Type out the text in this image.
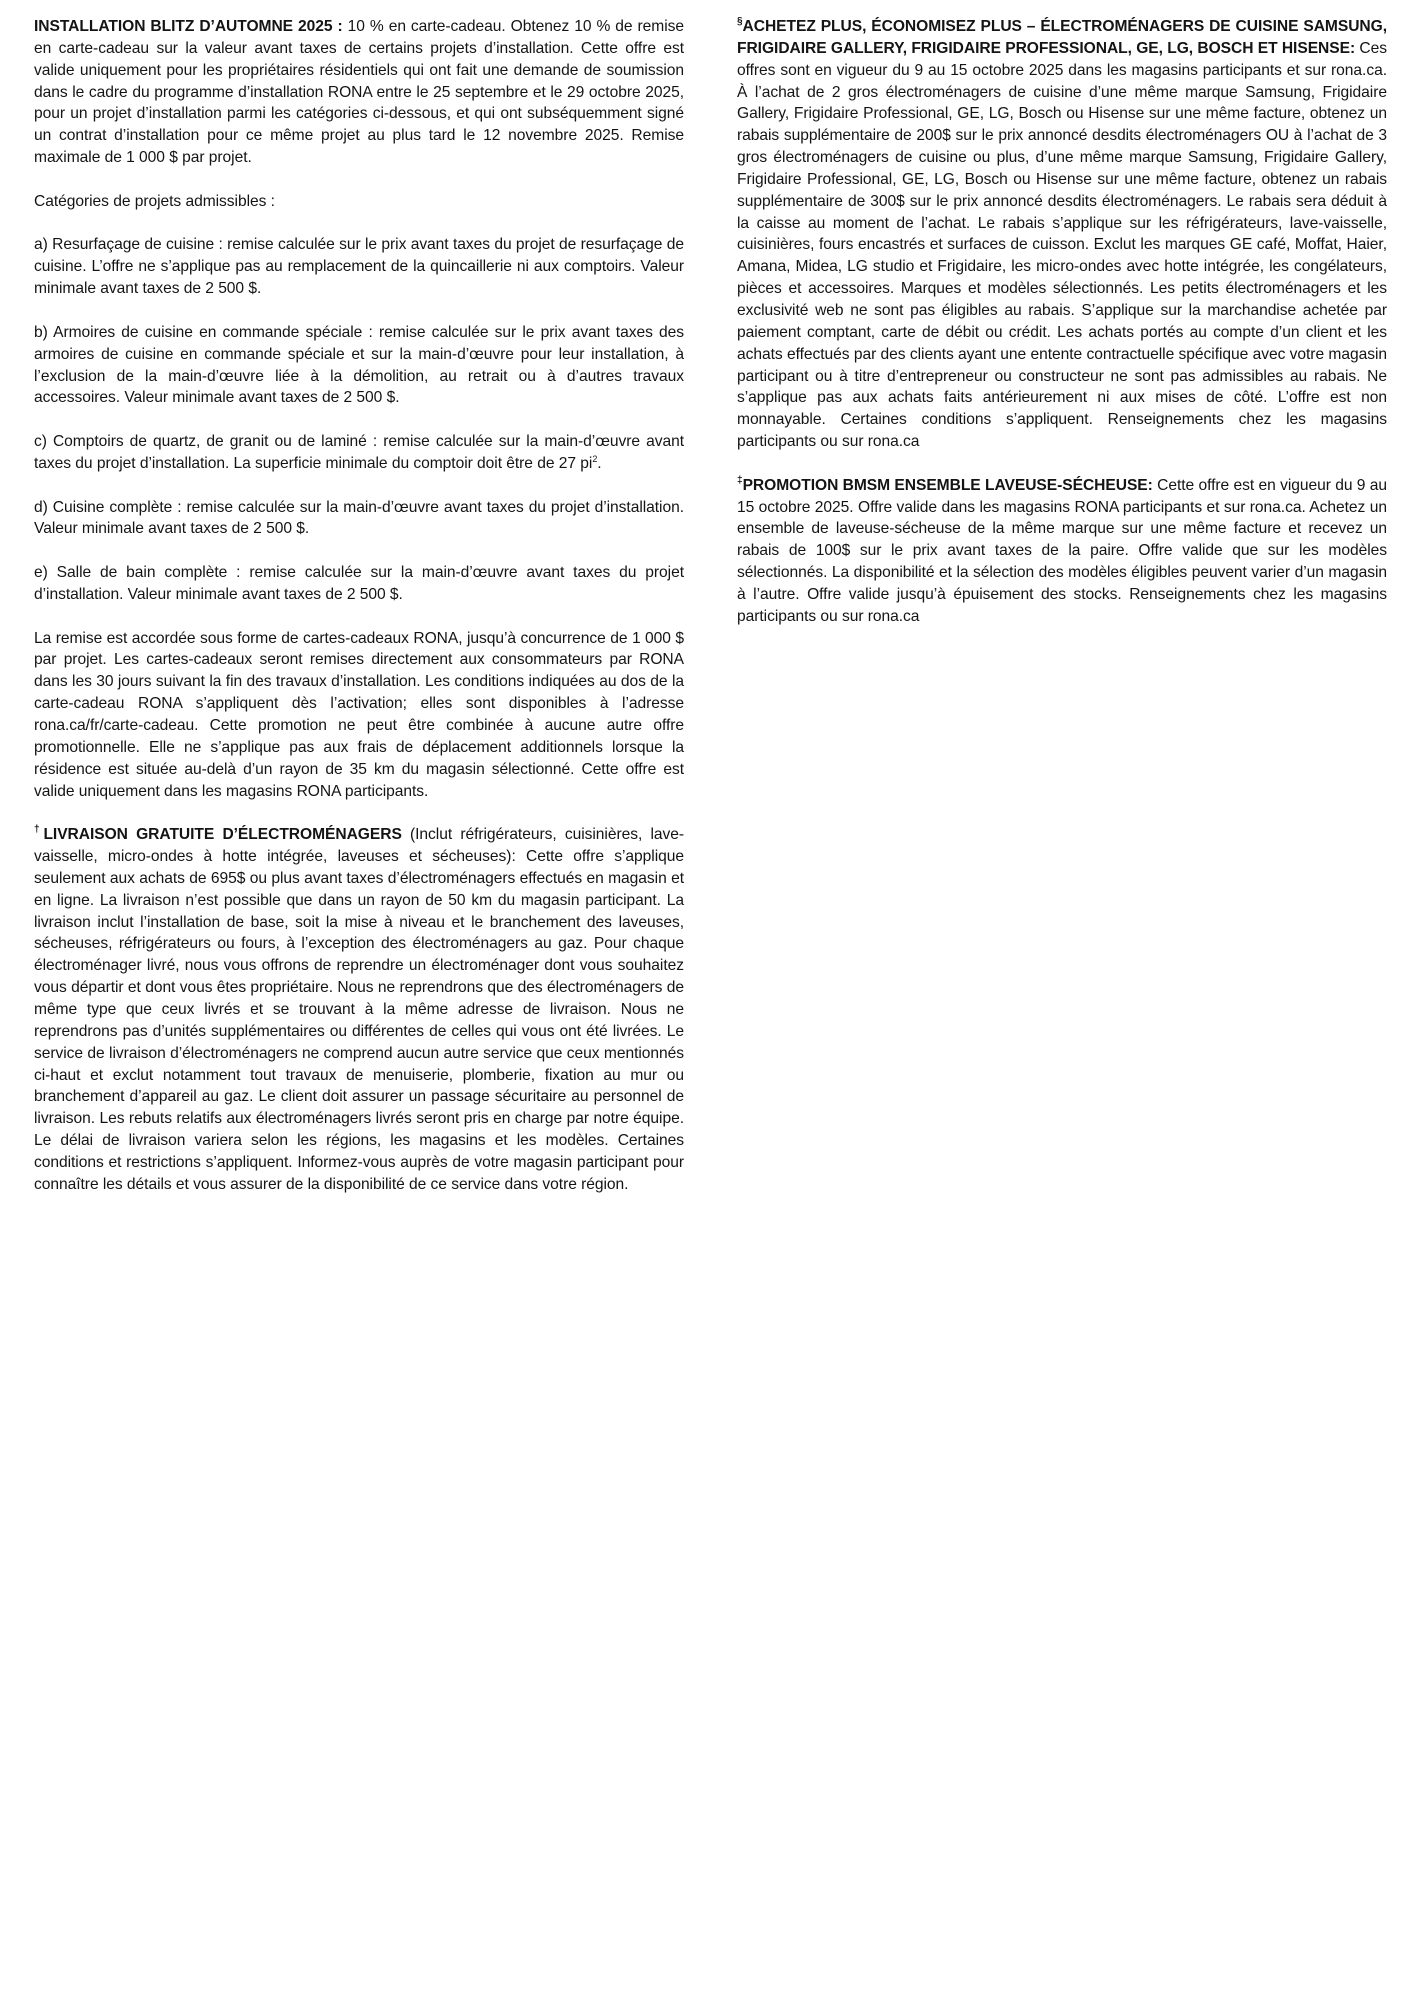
INSTALLATION BLITZ D’AUTOMNE 2025 : 10 % en carte-cadeau. Obtenez 10 % de remise en carte-cadeau sur la valeur avant taxes de certains projets d’installation. Cette offre est valide uniquement pour les propriétaires résidentiels qui ont fait une demande de soumission dans le cadre du programme d’installation RONA entre le 25 septembre et le 29 octobre 2025, pour un projet d’installation parmi les catégories ci-dessous, et qui ont subséquemment signé un contrat d’installation pour ce même projet au plus tard le 12 novembre 2025. Remise maximale de 1 000 $ par projet.

Catégories de projets admissibles :

a) Resurfaçage de cuisine : remise calculée sur le prix avant taxes du projet de resurfaçage de cuisine. L’offre ne s’applique pas au remplacement de la quincaillerie ni aux comptoirs. Valeur minimale avant taxes de 2 500 $.

b) Armoires de cuisine en commande spéciale : remise calculée sur le prix avant taxes des armoires de cuisine en commande spéciale et sur la main-d’œuvre pour leur installation, à l’exclusion de la main-d’œuvre liée à la démolition, au retrait ou à d’autres travaux accessoires. Valeur minimale avant taxes de 2 500 $.

c) Comptoirs de quartz, de granit ou de laminé : remise calculée sur la main-d’œuvre avant taxes du projet d’installation. La superficie minimale du comptoir doit être de 27 $pi^2$.

d) Cuisine complète : remise calculée sur la main-d’œuvre avant taxes du projet d’installation. Valeur minimale avant taxes de 2 500 $.

e) Salle de bain complète : remise calculée sur la main-d’œuvre avant taxes du projet d’installation. Valeur minimale avant taxes de 2 500 $.

La remise est accordée sous forme de cartes-cadeaux RONA, jusqu’à concurrence de 1 000 $ par projet. Les cartes-cadeaux seront remises directement aux consommateurs par RONA dans les 30 jours suivant la fin des travaux d’installation. Les conditions indiquées au dos de la carte-cadeau RONA s’appliquent dès l’activation; elles sont disponibles à l’adresse rona.ca/fr/carte-cadeau. Cette promotion ne peut être combinée à aucune autre offre promotionnelle. Elle ne s’applique pas aux frais de déplacement additionnels lorsque la résidence est située au-delà d’un rayon de 35 km du magasin sélectionné. Cette offre est valide uniquement dans les magasins RONA participants.

†LIVRAISON GRATUITE D’ÉLECTROMÉNAGERS (Inclut réfrigérateurs, cuisinières, lave-vaisselle, micro-ondes à hotte intégrée, laveuses et sécheuses): Cette offre s’applique seulement aux achats de 695$ ou plus avant taxes d’électroménagers effectués en magasin et en ligne. La livraison n’est possible que dans un rayon de 50 km du magasin participant. La livraison inclut l’installation de base, soit la mise à niveau et le branchement des laveuses, sécheuses, réfrigérateurs ou fours, à l’exception des électroménagers au gaz. Pour chaque électroménager livré, nous vous offrons de reprendre un électroménager dont vous souhaitez vous départir et dont vous êtes propriétaire. Nous ne reprendrons que des électroménagers de même type que ceux livrés et se trouvant à la même adresse de livraison. Nous ne reprendrons pas d’unités supplémentaires ou différentes de celles qui vous ont été livrées. Le service de livraison d’électroménagers ne comprend aucun autre service que ceux mentionnés ci-haut et exclut notamment tout travaux de menuiserie, plomberie, fixation au mur ou branchement d’appareil au gaz. Le client doit assurer un passage sécuritaire au personnel de livraison. Les rebuts relatifs aux électroménagers livrés seront pris en charge par notre équipe. Le délai de livraison variera selon les régions, les magasins et les modèles. Certaines conditions et restrictions s’appliquent. Informez-vous auprès de votre magasin participant pour connaître les détails et vous assurer de la disponibilité de ce service dans votre région.

§ACHETEZ PLUS, ÉCONOMISEZ PLUS – ÉLECTROMÉNAGERS DE CUISINE SAMSUNG, FRIGIDAIRE GALLERY, FRIGIDAIRE PROFESSIONAL, GE, LG, BOSCH ET HISENSE: Ces offres sont en vigueur du 9 au 15 octobre 2025 dans les magasins participants et sur rona.ca. À l’achat de 2 gros électroménagers de cuisine d’une même marque Samsung, Frigidaire Gallery, Frigidaire Professional, GE, LG, Bosch ou Hisense sur une même facture, obtenez un rabais supplémentaire de 200$ sur le prix annoncé desdits électroménagers OU à l’achat de 3 gros électroménagers de cuisine ou plus, d’une même marque Samsung, Frigidaire Gallery, Frigidaire Professional, GE, LG, Bosch ou Hisense sur une même facture, obtenez un rabais supplémentaire de 300$ sur le prix annoncé desdits électroménagers. Le rabais sera déduit à la caisse au moment de l’achat. Le rabais s’applique sur les réfrigérateurs, lave-vaisselle, cuisinières, fours encastrés et surfaces de cuisson. Exclut les marques GE café, Moffat, Haier, Amana, Midea, LG studio et Frigidaire, les micro-ondes avec hotte intégrée, les congélateurs, pièces et accessoires. Marques et modèles sélectionnés. Les petits électroménagers et les exclusivité web ne sont pas éligibles au rabais. S’applique sur la marchandise achetée par paiement comptant, carte de débit ou crédit. Les achats portés au compte d’un client et les achats effectués par des clients ayant une entente contractuelle spécifique avec votre magasin participant ou à titre d’entrepreneur ou constructeur ne sont pas admissibles au rabais. Ne s’applique pas aux achats faits antérieurement ni aux mises de côté. L’offre est non monnayable. Certaines conditions s’appliquent. Renseignements chez les magasins participants ou sur rona.ca

‡PROMOTION BMSM ENSEMBLE LAVEUSE-SÉCHEUSE: Cette offre est en vigueur du 9 au 15 octobre 2025. Offre valide dans les magasins RONA participants et sur rona.ca. Achetez un ensemble de laveuse-sécheuse de la même marque sur une même facture et recevez un rabais de 100$ sur le prix avant taxes de la paire. Offre valide que sur les modèles sélectionnés. La disponibilité et la sélection des modèles éligibles peuvent varier d’un magasin à l’autre. Offre valide jusqu’à épuisement des stocks. Renseignements chez les magasins participants ou sur rona.ca
